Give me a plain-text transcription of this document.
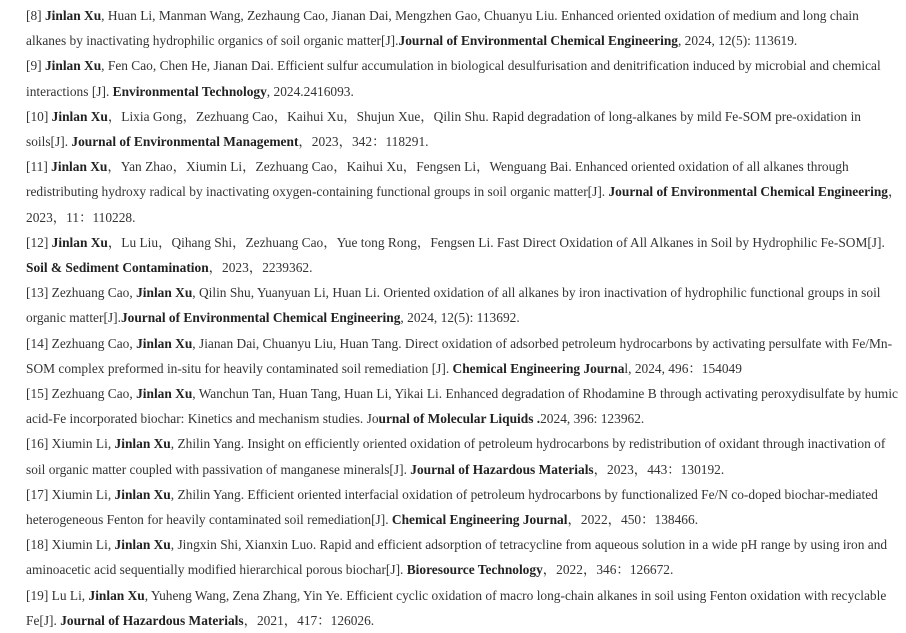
[8] Jinlan Xu, Huan Li, Manman Wang, Zezhaung Cao, Jianan Dai, Mengzhen Gao, Chuanyu Liu. Enhanced oriented oxidation of medium and long chain alkanes by inactivating hydrophilic organics of soil organic matter[J].Journal of Environmental Chemical Engineering, 2024, 12(5): 113619.

[9] Jinlan Xu, Fen Cao, Chen He, Jianan Dai. Efficient sulfur accumulation in biological desulfurisation and denitrification induced by microbial and chemical interactions [J]. Environmental Technology, 2024.2416093.

[10] Jinlan Xu，Lixia Gong，Zezhuang Cao，Kaihui Xu，Shujun Xue，Qilin Shu. Rapid degradation of long-alkanes by mild Fe-SOM pre-oxidation in soils[J]. Journal of Environmental Management，2023，342：118291.

[11] Jinlan Xu，Yan Zhao，Xiumin Li，Zezhuang Cao，Kaihui Xu，Fengsen Li，Wenguang Bai. Enhanced oriented oxidation of all alkanes through redistributing hydroxy radical by inactivating oxygen-containing functional groups in soil organic matter[J]. Journal of Environmental Chemical Engineering，2023，11：110228.

[12] Jinlan Xu，Lu Liu，Qihang Shi，Zezhuang Cao，Yue tong Rong，Fengsen Li. Fast Direct Oxidation of All Alkanes in Soil by Hydrophilic Fe-SOM[J]. Soil & Sediment Contamination，2023，2239362.

[13] Zezhuang Cao, Jinlan Xu, Qilin Shu, Yuanyuan Li, Huan Li. Oriented oxidation of all alkanes by iron inactivation of hydrophilic functional groups in soil organic matter[J].Journal of Environmental Chemical Engineering, 2024, 12(5): 113692.

[14] Zezhuang Cao, Jinlan Xu, Jianan Dai, Chuanyu Liu, Huan Tang. Direct oxidation of adsorbed petroleum hydrocarbons by activating persulfate with Fe/Mn-SOM complex preformed in-situ for heavily contaminated soil remediation [J]. Chemical Engineering Journal, 2024, 496：154049

[15] Zezhuang Cao, Jinlan Xu, Wanchun Tan, Huan Tang, Huan Li, Yikai Li. Enhanced degradation of Rhodamine B through activating peroxydisulfate by humic acid-Fe incorporated biochar: Kinetics and mechanism studies. Journal of Molecular Liquids .2024, 396: 123962.

[16] Xiumin Li, Jinlan Xu, Zhilin Yang. Insight on efficiently oriented oxidation of petroleum hydrocarbons by redistribution of oxidant through inactivation of soil organic matter coupled with passivation of manganese minerals[J]. Journal of Hazardous Materials，2023，443：130192.

[17] Xiumin Li, Jinlan Xu, Zhilin Yang. Efficient oriented interfacial oxidation of petroleum hydrocarbons by functionalized Fe/N co-doped biochar-mediated heterogeneous Fenton for heavily contaminated soil remediation[J]. Chemical Engineering Journal，2022，450：138466.

[18] Xiumin Li, Jinlan Xu, Jingxin Shi, Xianxin Luo. Rapid and efficient adsorption of tetracycline from aqueous solution in a wide pH range by using iron and aminoacetic acid sequentially modified hierarchical porous biochar[J]. Bioresource Technology，2022，346：126672.

[19] Lu Li, Jinlan Xu, Yuheng Wang, Zena Zhang, Yin Ye. Efficient cyclic oxidation of macro long-chain alkanes in soil using Fenton oxidation with recyclable Fe[J]. Journal of Hazardous Materials，2021，417：126026.
